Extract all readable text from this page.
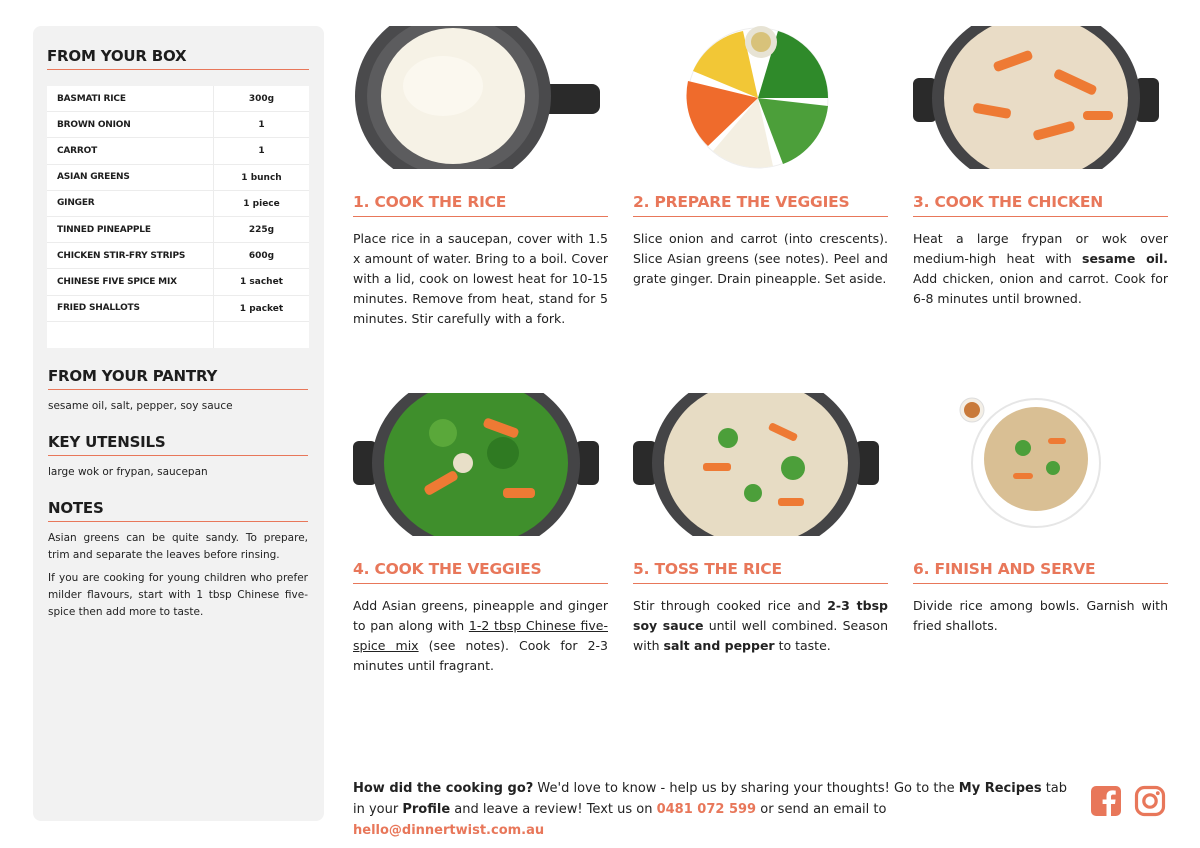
FROM YOUR BOX
BASMATI RICE	300g
BROWN ONION	1
CARROT	1
ASIAN GREENS	1 bunch
GINGER	1 piece
TINNED PINEAPPLE	225g
CHICKEN STIR-FRY STRIPS	600g
CHINESE FIVE SPICE MIX	1 sachet
FRIED SHALLOTS	1 packet
FROM YOUR PANTRY
sesame oil, salt, pepper, soy sauce
KEY UTENSILS
large wok or frypan, saucepan
NOTES

Asian greens can be quite sandy. To prepare, trim and separate the leaves before rinsing.

If you are cooking for young children who prefer milder flavours, start with 1 tbsp Chinese five-spice then add more to taste.

1. COOK THE RICE
Place rice in a saucepan, cover with 1.5 x amount of water. Bring to a boil. Cover with a lid, cook on lowest heat for 10-15 minutes. Remove from heat, stand for 5 minutes. Stir carefully with a fork.
2. PREPARE THE VEGGIES
Slice onion and carrot (into crescents). Slice Asian greens (see notes). Peel and grate ginger. Drain pineapple. Set aside.
3. COOK THE CHICKEN
Heat a large frypan or wok over medium-high heat with sesame oil. Add chicken, onion and carrot. Cook for 6-8 minutes until browned.
4. COOK THE VEGGIES
Add Asian greens, pineapple and ginger to pan along with 1-2 tbsp Chinese five-spice mix (see notes). Cook for 2-3 minutes until fragrant.
5. TOSS THE RICE
Stir through cooked rice and 2-3 tbsp soy sauce until well combined. Season with salt and pepper to taste.
6. FINISH AND SERVE
Divide rice among bowls. Garnish with fried shallots.
How did the cooking go? We'd love to know - help us by sharing your thoughts! Go to the My Recipes tab in your Profile and leave a review! Text us on 0481 072 599 or send an email to hello@dinnertwist.com.au
